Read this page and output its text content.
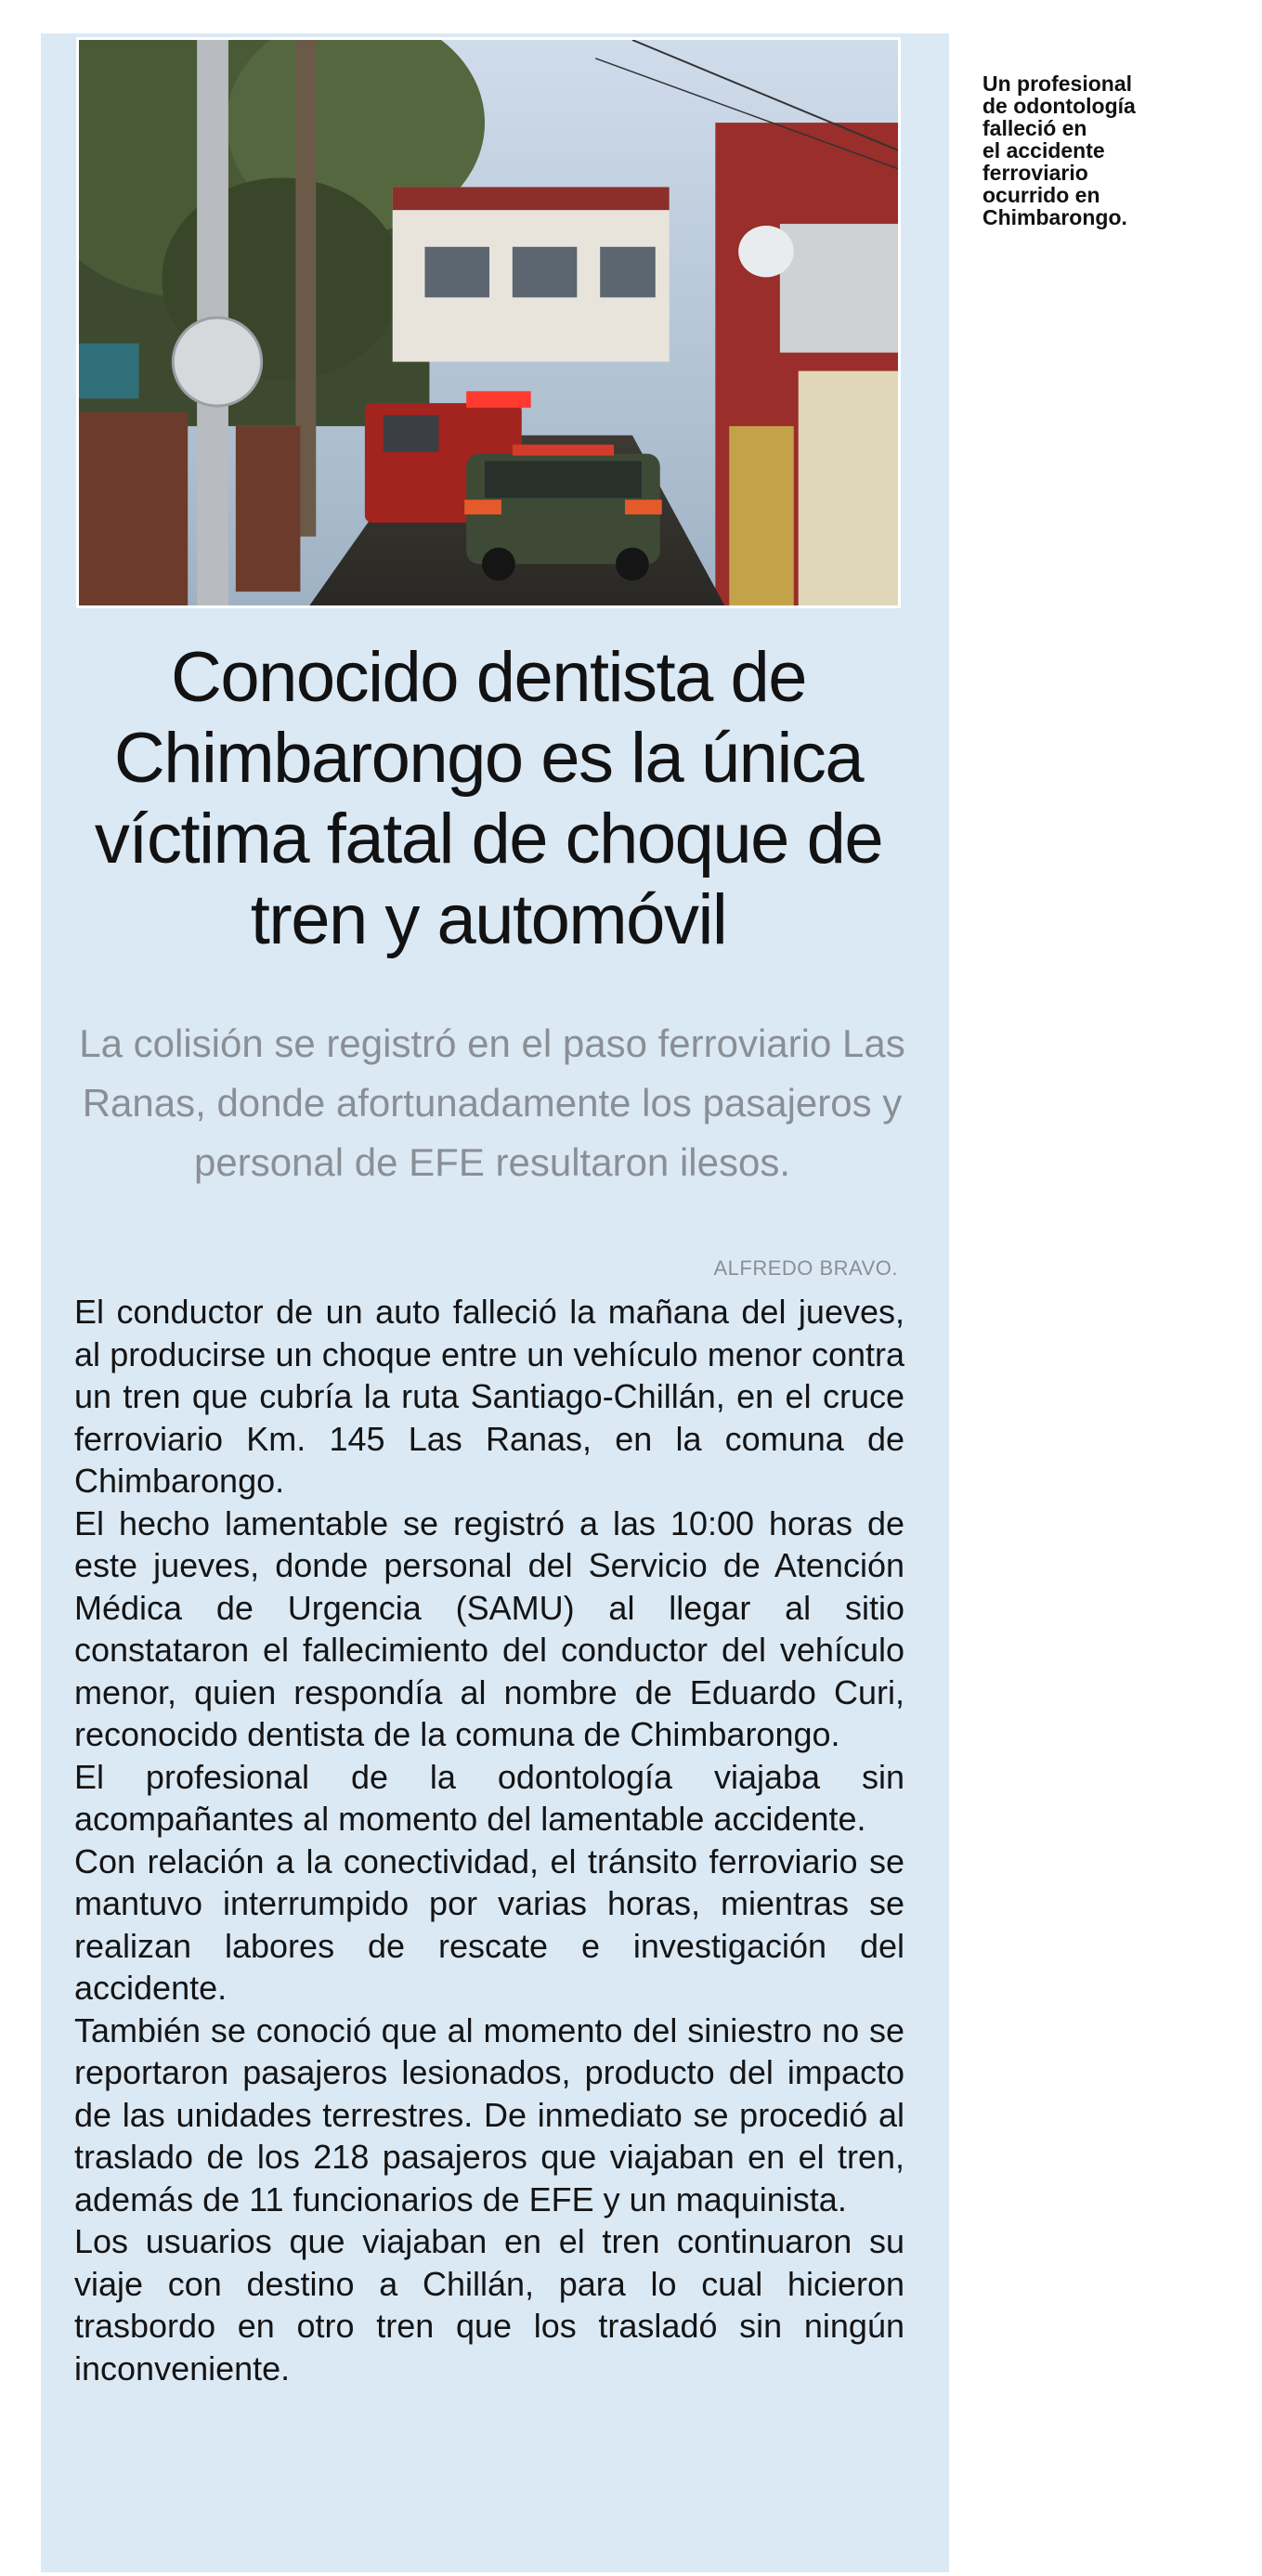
Un profesional
de odontología
falleció en
el accidente
ferroviario
ocurrido en
Chimbarongo.
Conocido dentista de Chimbarongo es la única víctima fatal de choque de tren y automóvil

La colisión se registró en el paso ferroviario Las Ranas, donde afortunadamente los pasajeros y personal de EFE resultaron ilesos.

ALFREDO BRAVO.

El conductor de un auto falleció la mañana del jueves, al producirse un choque entre un vehículo menor contra un tren que cubría la ruta Santiago-Chillán, en el cruce ferroviario Km. 145 Las Ranas, en la comuna de Chimbarongo.

El hecho lamentable se registró a las 10:00 horas de este jueves, donde personal del Servicio de Atención Médica de Urgencia (SAMU) al llegar al sitio constataron el fallecimiento del conductor del vehículo menor, quien respondía al nombre de Eduardo Curi, reconocido dentista de la comuna de Chimbarongo.

El profesional de la odontología viajaba sin acompañantes al momento del lamentable accidente.

Con relación a la conectividad, el tránsito ferroviario se mantuvo interrumpido por varias horas, mientras se realizan labores de rescate e investigación del accidente.

También se conoció que al momento del siniestro no se reportaron pasajeros lesionados, producto del impacto de las unidades terrestres. De inmediato se procedió al traslado de los 218 pasajeros que viajaban en el tren, además de 11 funcionarios de EFE y un maquinista.

Los usuarios que viajaban en el tren continuaron su viaje con destino a Chillán, para lo cual hicieron trasbordo en otro tren que los trasladó sin ningún inconveniente.
